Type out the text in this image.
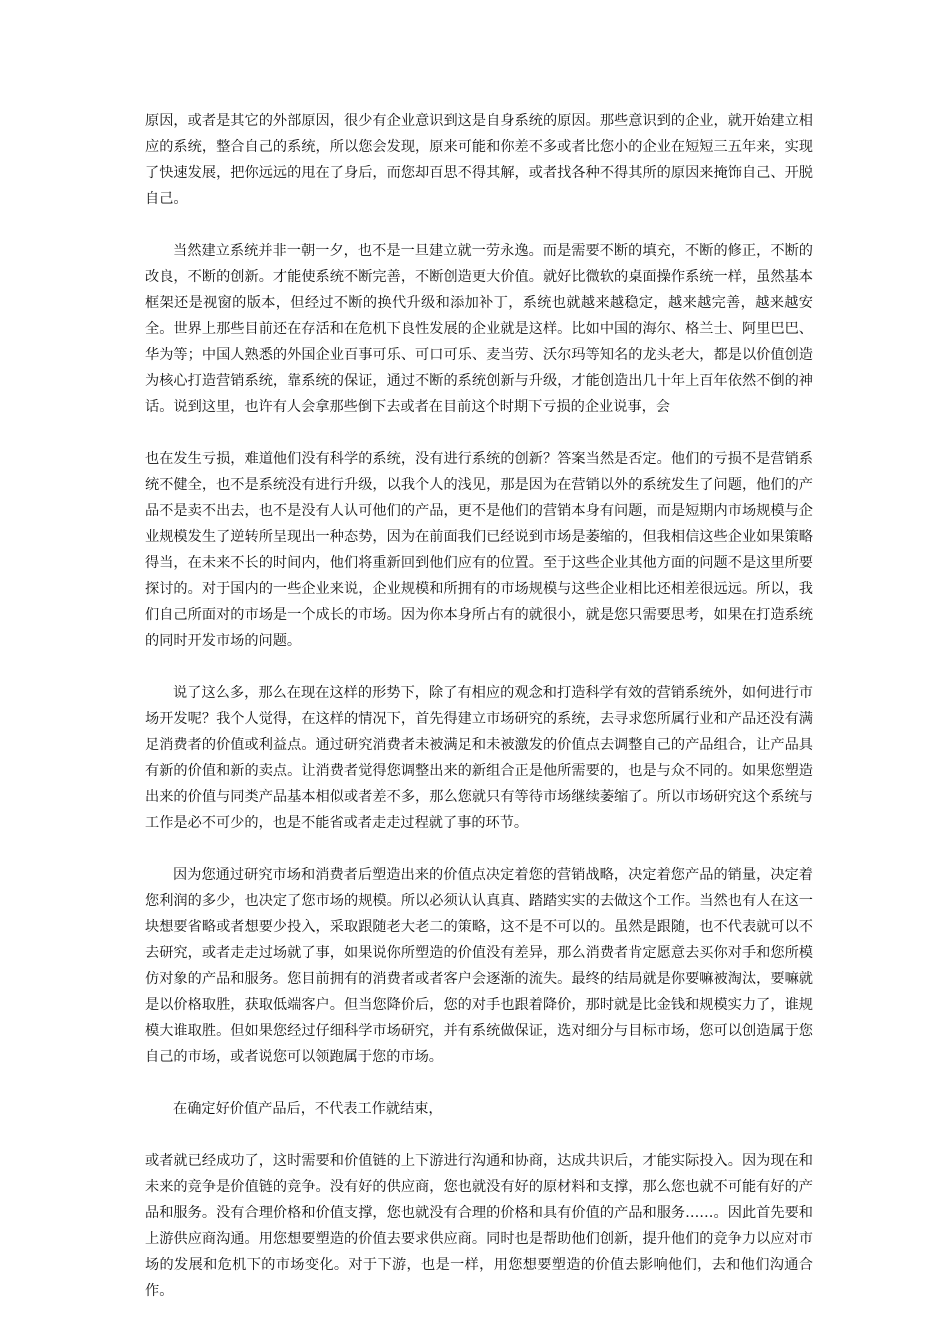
原因，或者是其它的外部原因，很少有企业意识到这是自身系统的原因。那些意识到的企业，就开始建立相应的系统，整合自己的系统，所以您会发现，原来可能和你差不多或者比您小的企业在短短三五年来，实现了快速发展，把你远远的甩在了身后，而您却百思不得其解，或者找各种不得其所的原因来掩饰自己、开脱自己。

当然建立系统并非一朝一夕，也不是一旦建立就一劳永逸。而是需要不断的填充，不断的修正，不断的改良，不断的创新。才能使系统不断完善，不断创造更大价值。就好比微软的桌面操作系统一样，虽然基本框架还是视窗的版本，但经过不断的换代升级和添加补丁，系统也就越来越稳定，越来越完善，越来越安全。世界上那些目前还在存活和在危机下良性发展的企业就是这样。比如中国的海尔、格兰士、阿里巴巴、华为等；中国人熟悉的外国企业百事可乐、可口可乐、麦当劳、沃尔玛等知名的龙头老大，都是以价值创造为核心打造营销系统，靠系统的保证，通过不断的系统创新与升级，才能创造出几十年上百年依然不倒的神话。说到这里，也许有人会拿那些倒下去或者在目前这个时期下亏损的企业说事，会

也在发生亏损，难道他们没有科学的系统，没有进行系统的创新？答案当然是否定。他们的亏损不是营销系统不健全，也不是系统没有进行升级，以我个人的浅见，那是因为在营销以外的系统发生了问题，他们的产品不是卖不出去，也不是没有人认可他们的产品，更不是他们的营销本身有问题，而是短期内市场规模与企业规模发生了逆转所呈现出一种态势，因为在前面我们已经说到市场是萎缩的，但我相信这些企业如果策略得当，在未来不长的时间内，他们将重新回到他们应有的位置。至于这些企业其他方面的问题不是这里所要探讨的。对于国内的一些企业来说，企业规模和所拥有的市场规模与这些企业相比还相差很远远。所以，我们自己所面对的市场是一个成长的市场。因为你本身所占有的就很小，就是您只需要思考，如果在打造系统的同时开发市场的问题。

说了这么多，那么在现在这样的形势下，除了有相应的观念和打造科学有效的营销系统外，如何进行市场开发呢？我个人觉得，在这样的情况下，首先得建立市场研究的系统，去寻求您所属行业和产品还没有满足消费者的价值或利益点。通过研究消费者未被满足和未被激发的价值点去调整自己的产品组合，让产品具有新的价值和新的卖点。让消费者觉得您调整出来的新组合正是他所需要的，也是与众不同的。如果您塑造出来的价值与同类产品基本相似或者差不多，那么您就只有等待市场继续萎缩了。所以市场研究这个系统与工作是必不可少的，也是不能省或者走走过程就了事的环节。

因为您通过研究市场和消费者后塑造出来的价值点决定着您的营销战略，决定着您产品的销量，决定着您利润的多少，也决定了您市场的规模。所以必须认认真真、踏踏实实的去做这个工作。当然也有人在这一块想要省略或者想要少投入，采取跟随老大老二的策略，这不是不可以的。虽然是跟随，也不代表就可以不去研究，或者走走过场就了事，如果说你所塑造的价值没有差异，那么消费者肯定愿意去买你对手和您所模仿对象的产品和服务。您目前拥有的消费者或者客户会逐渐的流失。最终的结局就是你要嘛被淘汰，要嘛就是以价格取胜，获取低端客户。但当您降价后，您的对手也跟着降价，那时就是比金钱和规模实力了，谁规模大谁取胜。但如果您经过仔细科学市场研究，并有系统做保证，选对细分与目标市场，您可以创造属于您自己的市场，或者说您可以领跑属于您的市场。

在确定好价值产品后，不代表工作就结束，

或者就已经成功了，这时需要和价值链的上下游进行沟通和协商，达成共识后，才能实际投入。因为现在和未来的竞争是价值链的竞争。没有好的供应商，您也就没有好的原材料和支撑，那么您也就不可能有好的产品和服务。没有合理价格和价值支撑，您也就没有合理的价格和具有价值的产品和服务……。因此首先要和上游供应商沟通。用您想要塑造的价值去要求供应商。同时也是帮助他们创新，提升他们的竞争力以应对市场的发展和危机下的市场变化。对于下游，也是一样，用您想要塑造的价值去影响他们，去和他们沟通合作。
